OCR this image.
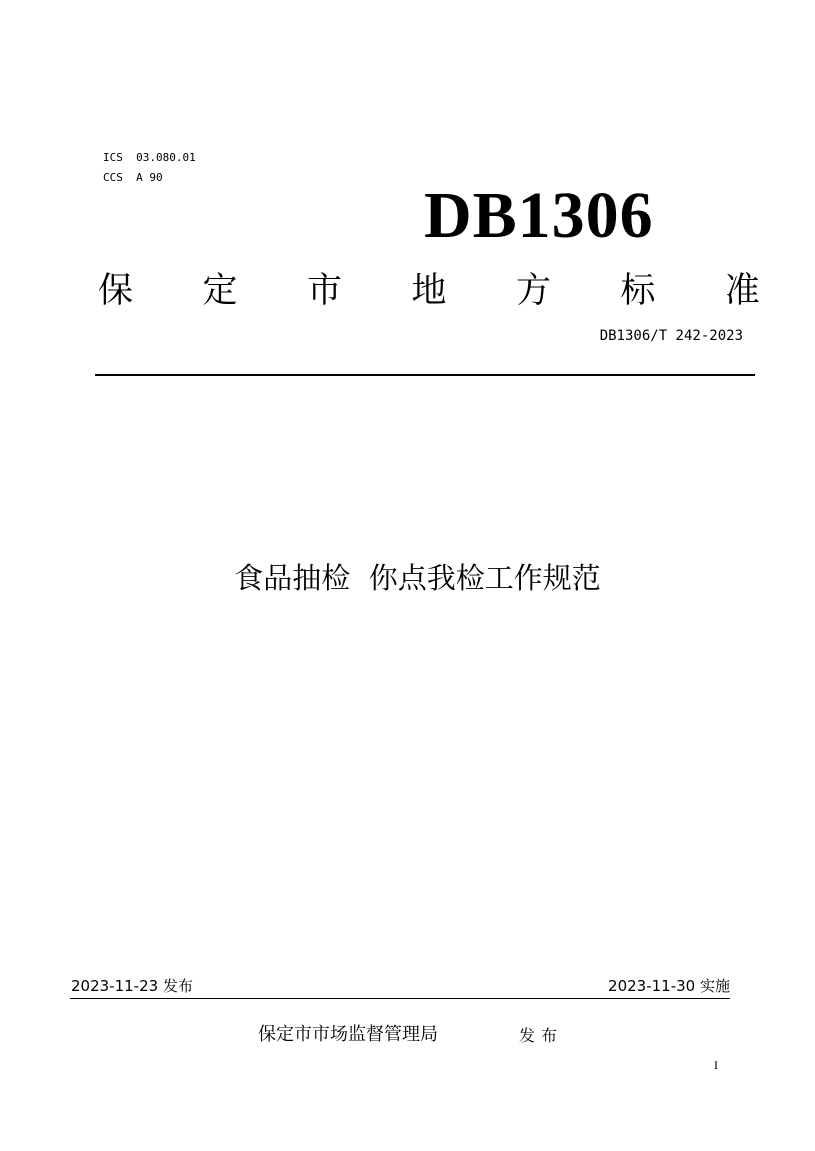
ICS  03.080.01
CCS  A 90
DB1306
保 定 市 地 方 标 准
DB1306/T 242-2023
食品抽检  你点我检工作规范
2023-11-23 发布	2023-11-30 实施
保定市市场监督管理局	发布
I
